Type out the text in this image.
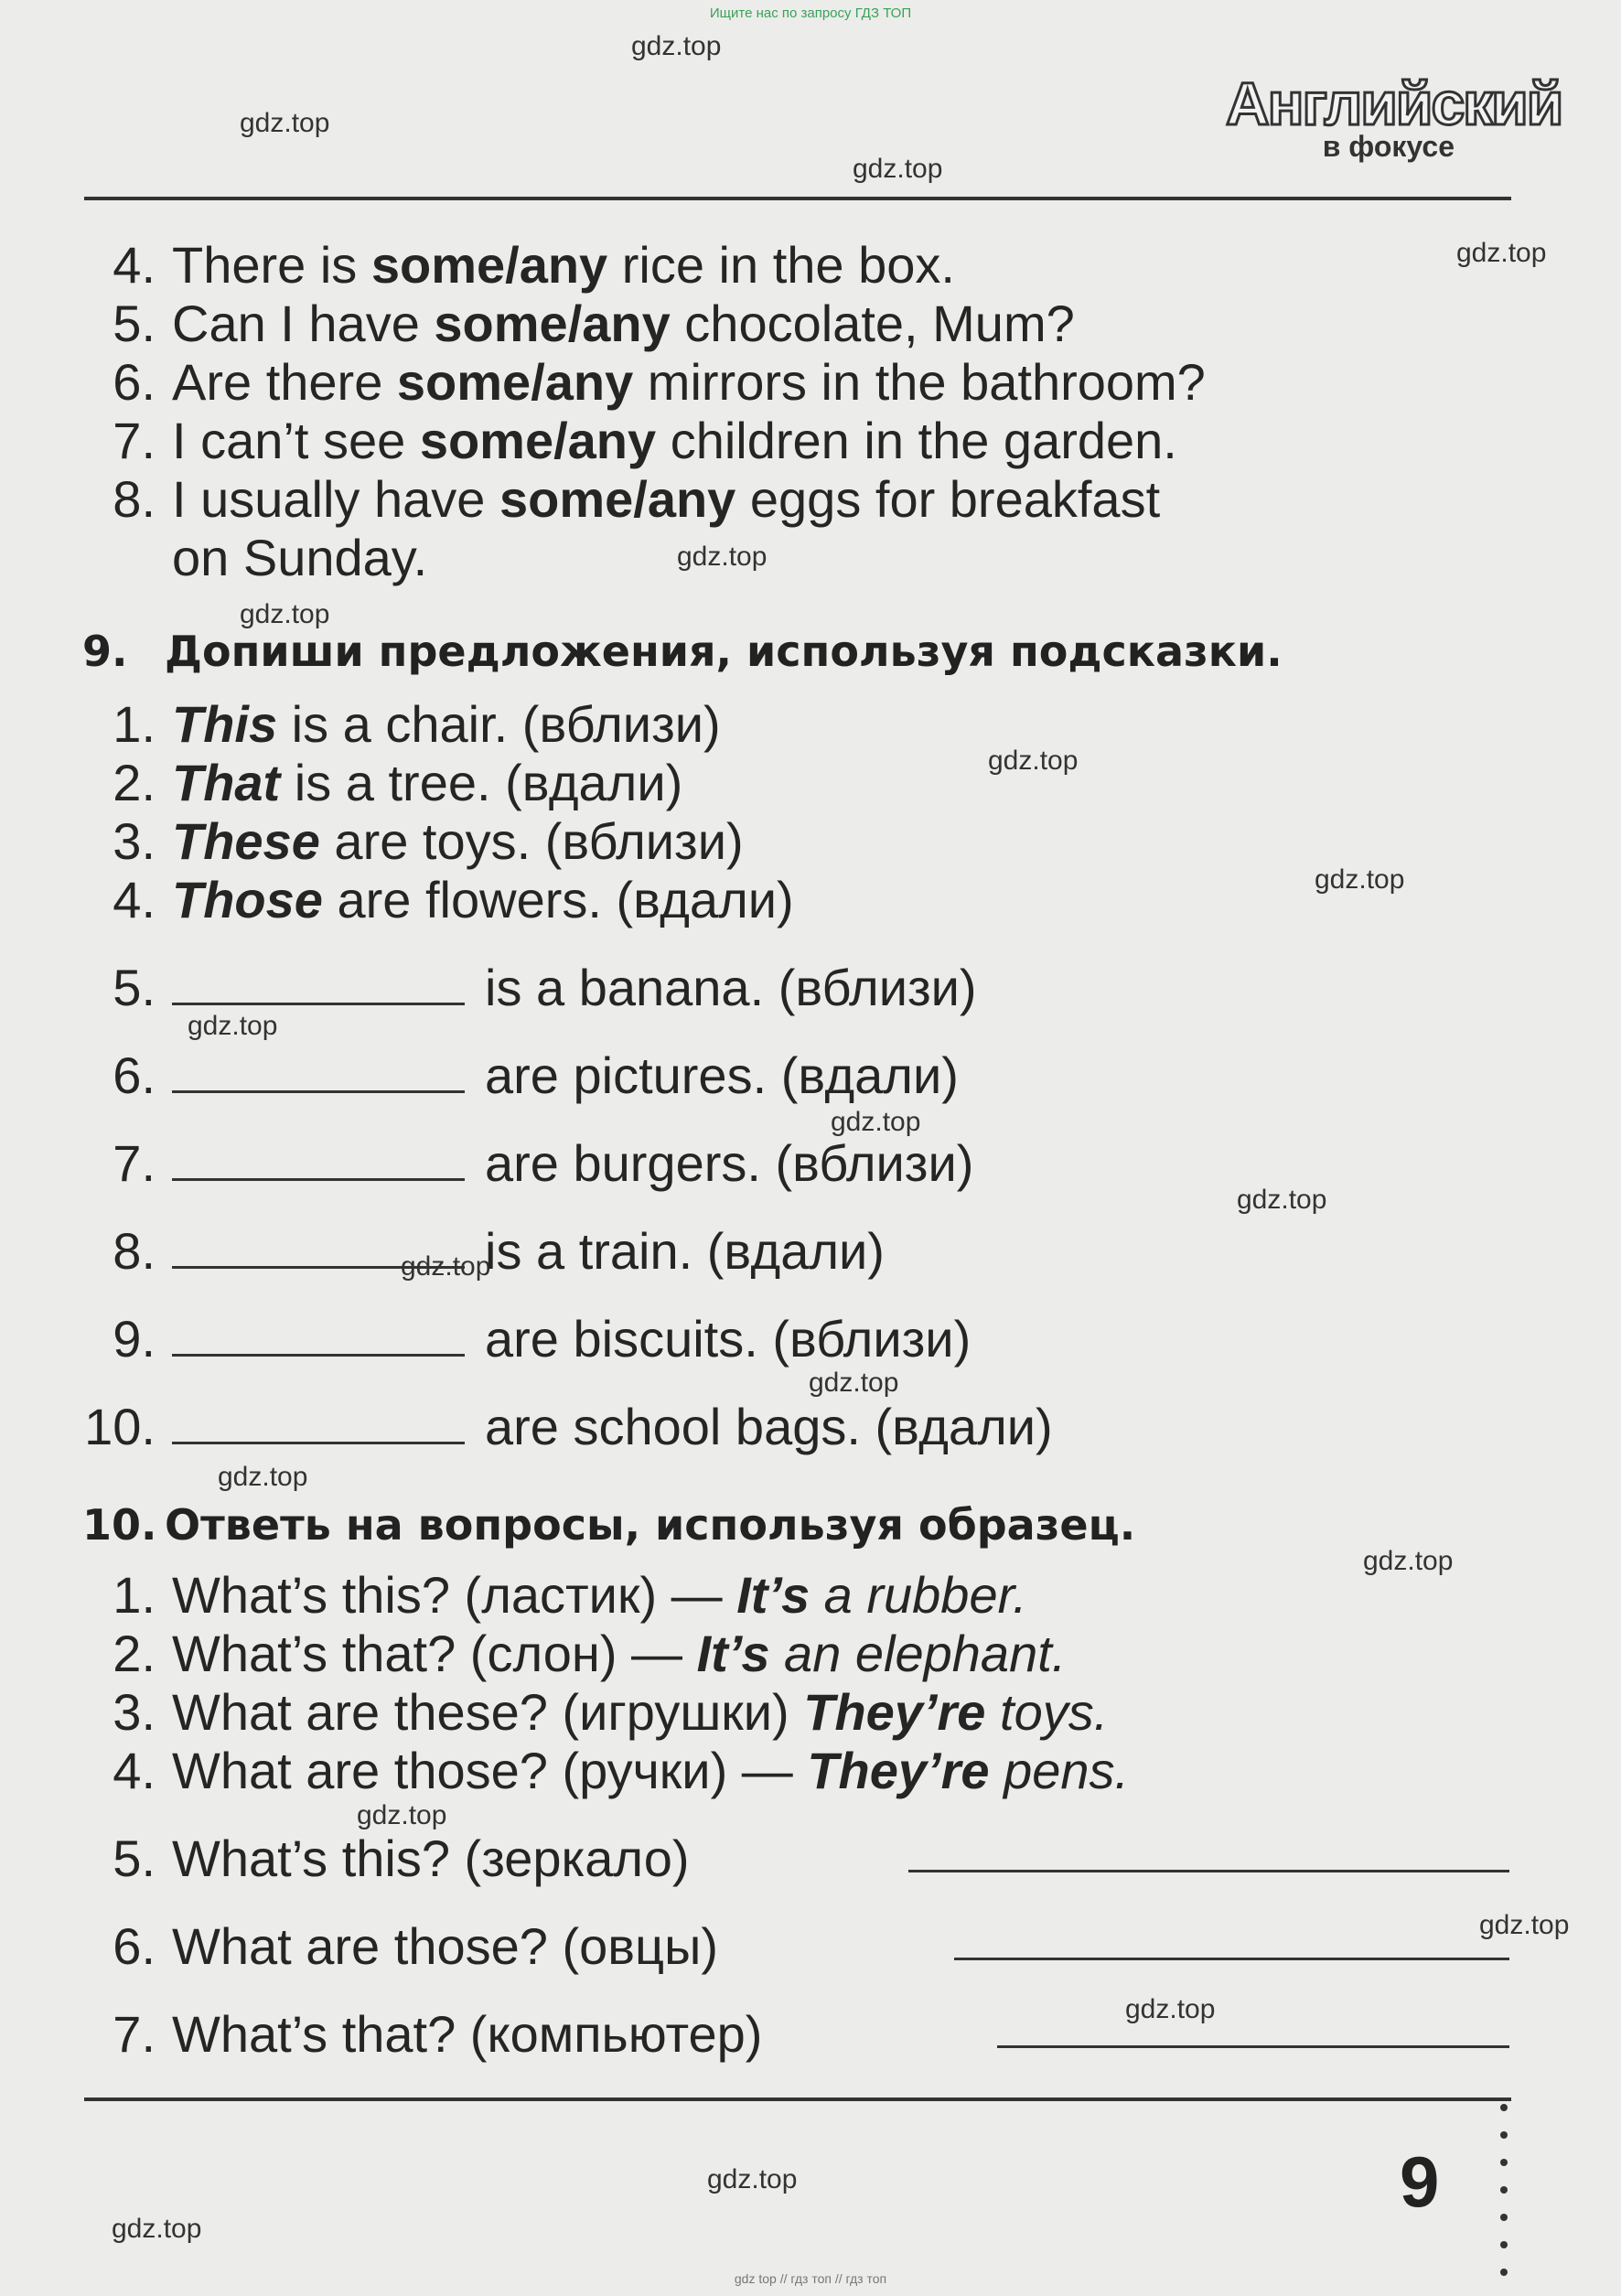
Ищите нас по запросу ГДЗ ТОП
gdz.top
gdz.top
gdz.top
gdz.top
gdz.top
gdz.top
gdz.top
gdz.top
gdz.top
gdz.top
gdz.top
gdz.top
gdz.top
gdz.top
gdz.top
gdz.top
gdz.top
gdz.top
gdz.top
gdz.top
Английский
в фокусе
4. There is some/any rice in the box.
5. Can I have some/any chocolate, Mum?
6. Are there some/any mirrors in the bathroom?
7. I can’t see some/any children in the garden.
8. I usually have some/any eggs for breakfast
on Sunday.
9. Допиши предложения, используя подсказки.
1. This is a chair. (вблизи)
2. That is a tree. (вдали)
3. These are toys. (вблизи)
4. Those are flowers. (вдали)
5.	is a banana. (вблизи)
6.	are pictures. (вдали)
7.	are burgers. (вблизи)
8.	is a train. (вдали)
9.	are biscuits. (вблизи)
10.	are school bags. (вдали)
10. Ответь на вопросы, используя образец.
1. What’s this? (ластик) — It’s a rubber.
2. What’s that? (слон) — It’s an elephant.
3. What are these? (игрушки) They’re toys.
4. What are those? (ручки) — They’re pens.
5. What’s this? (зеркало)
6. What are those? (овцы)
7. What’s that? (компьютер)
9
gdz top // гдз топ // гдз топ
